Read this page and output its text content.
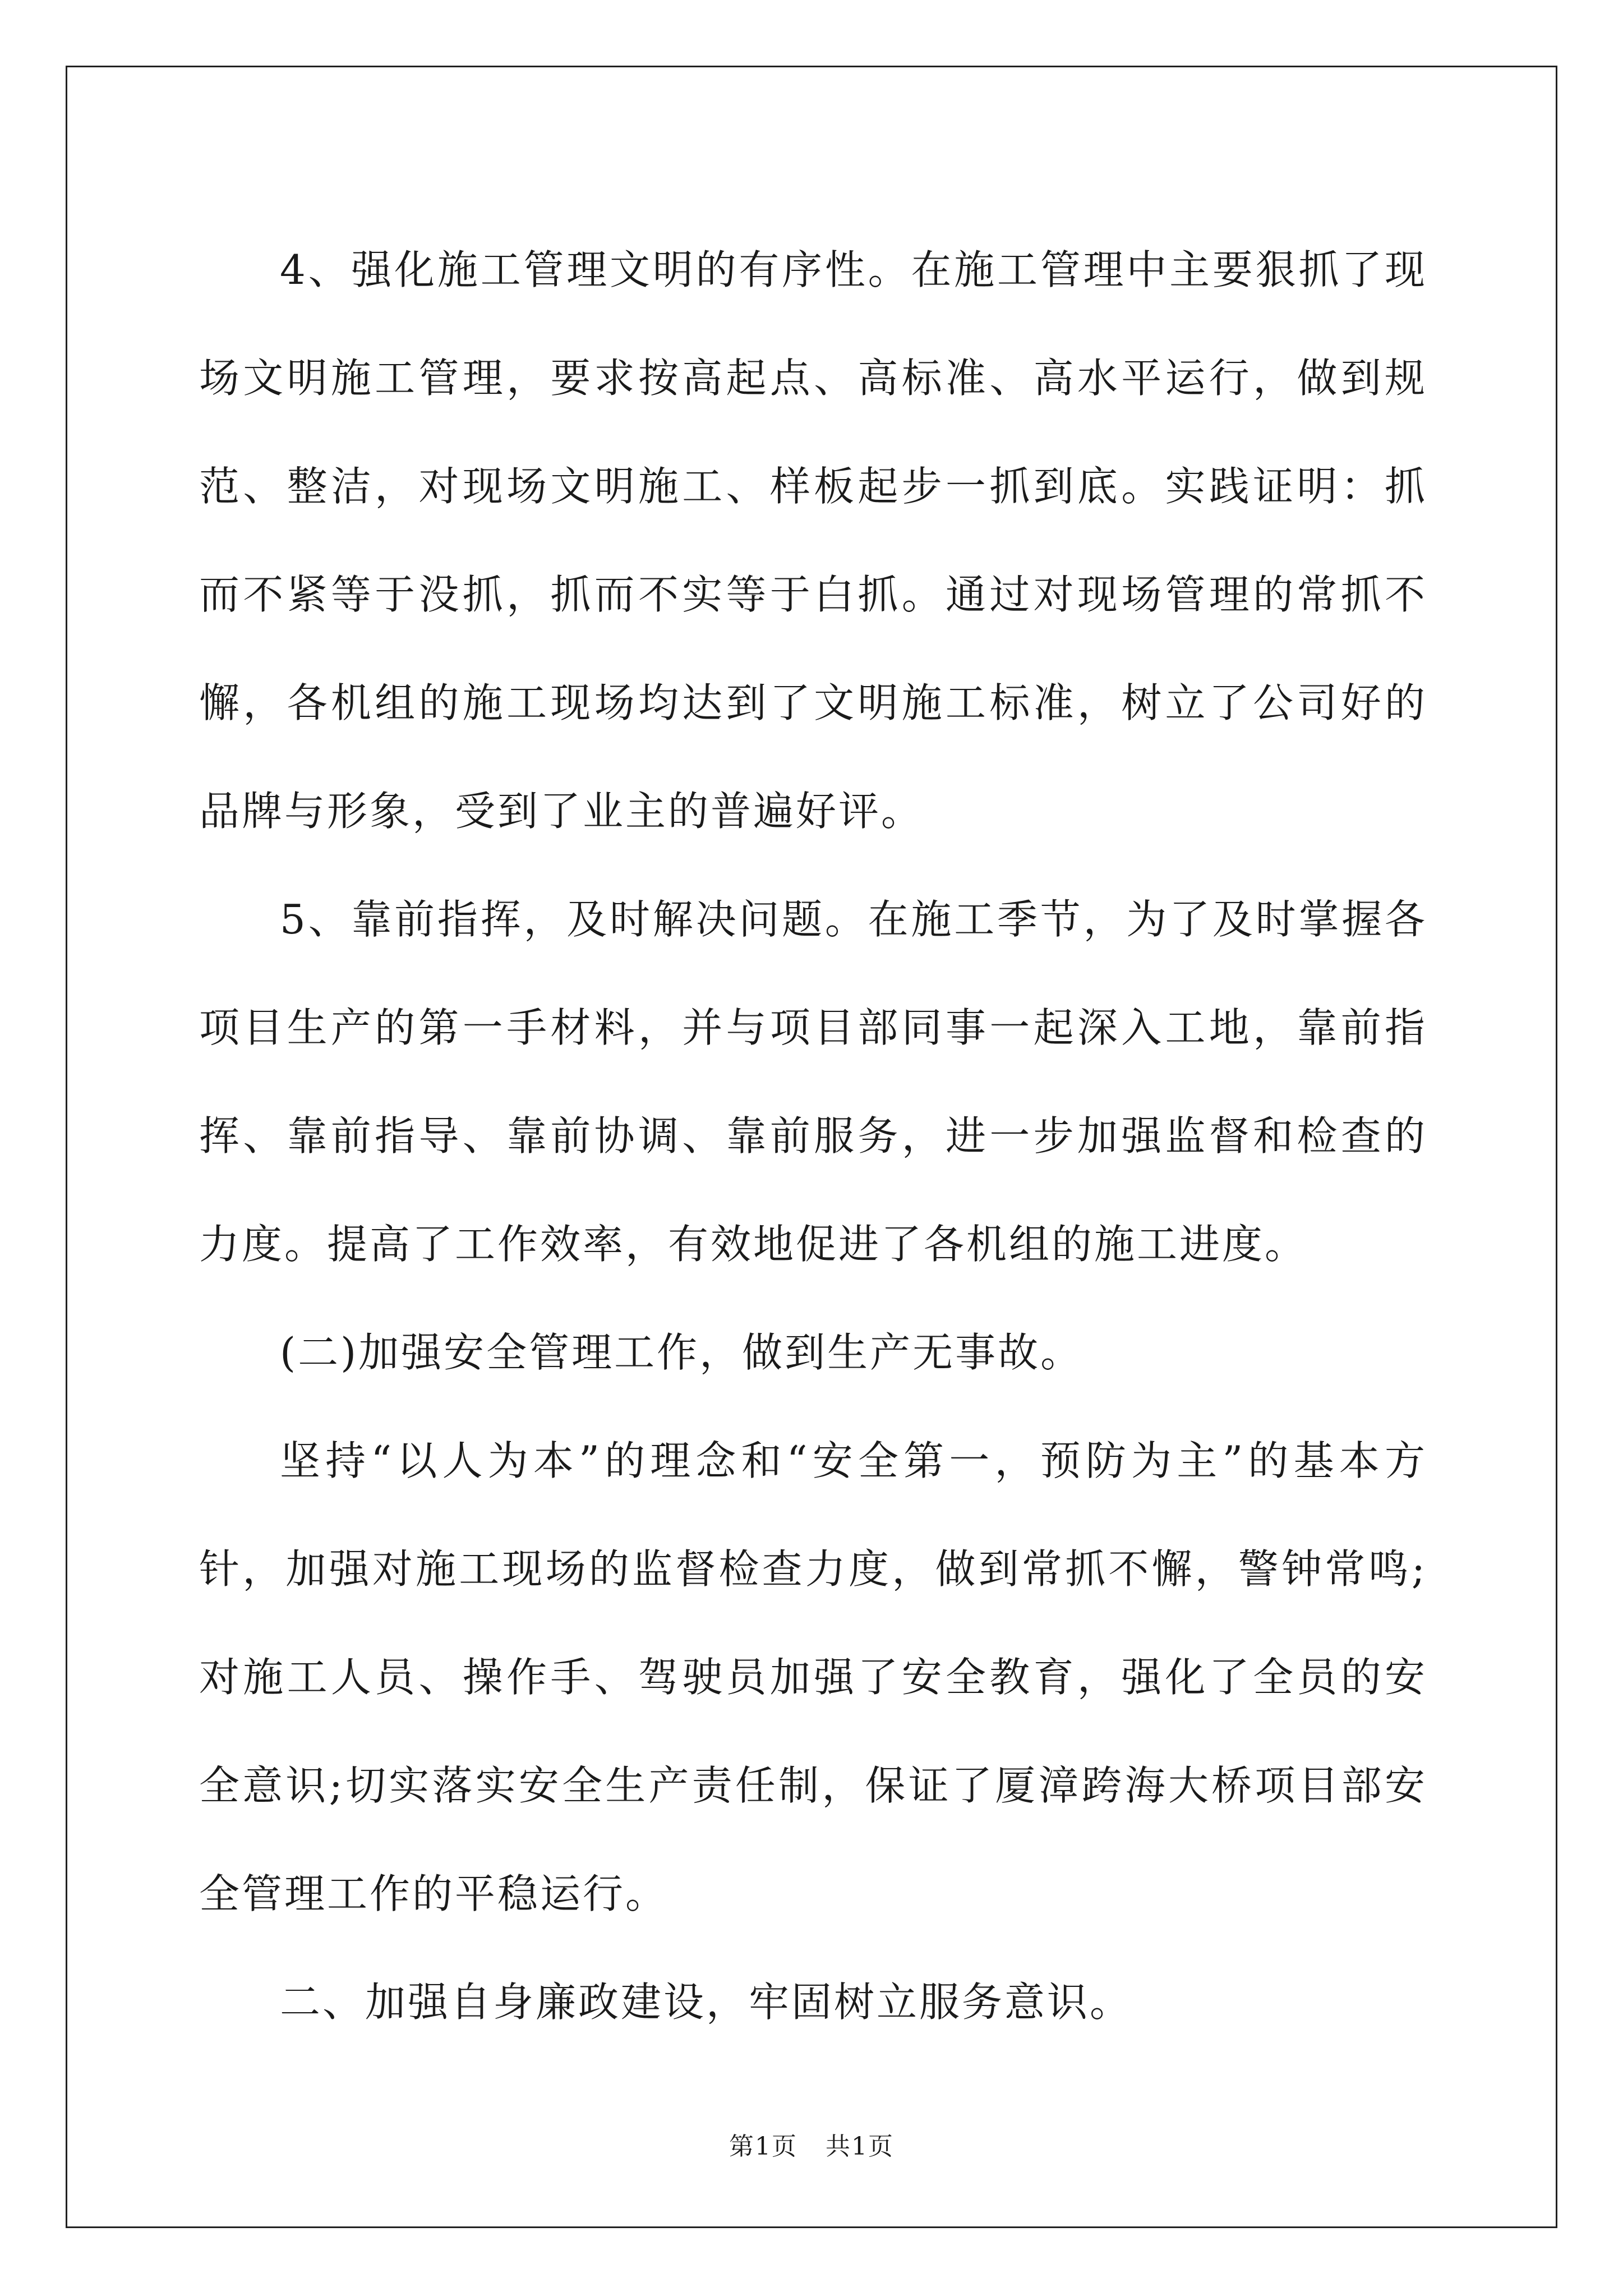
4、强化施工管理文明的有序性。在施工管理中主要狠抓了现场文明施工管理，要求按高起点、高标准、高水平运行，做到规范、整洁，对现场文明施工、样板起步一抓到底。实践证明：抓而不紧等于没抓，抓而不实等于白抓。通过对现场管理的常抓不懈，各机组的施工现场均达到了文明施工标准，树立了公司好的品牌与形象，受到了业主的普遍好评。

5、靠前指挥，及时解决问题。在施工季节，为了及时掌握各项目生产的第一手材料，并与项目部同事一起深入工地，靠前指挥、靠前指导、靠前协调、靠前服务，进一步加强监督和检查的力度。提高了工作效率，有效地促进了各机组的施工进度。

(二)加强安全管理工作，做到生产无事故。

坚持“以人为本”的理念和“安全第一，预防为主”的基本方针，加强对施工现场的监督检查力度，做到常抓不懈，警钟常鸣;对施工人员、操作手、驾驶员加强了安全教育，强化了全员的安全意识;切实落实安全生产责任制，保证了厦漳跨海大桥项目部安全管理工作的平稳运行。

二、加强自身廉政建设，牢固树立服务意识。

第1页 共1页
